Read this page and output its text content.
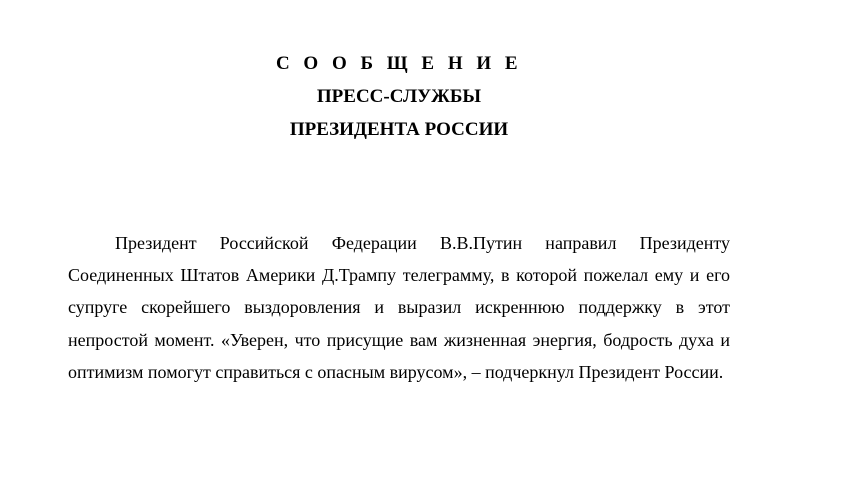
С О О Б Щ Е Н И Е
ПРЕСС-СЛУЖБЫ
ПРЕЗИДЕНТА РОССИИ

Президент Российской Федерации В.В.Путин направил Президенту Соединенных Штатов Америки Д.Трампу телеграмму, в которой пожелал ему и его супруге скорейшего выздоровления и выразил искреннюю поддержку в этот непростой момент. «Уверен, что присущие вам жизненная энергия, бодрость духа и оптимизм помогут справиться с опасным вирусом», – подчеркнул Президент России.
